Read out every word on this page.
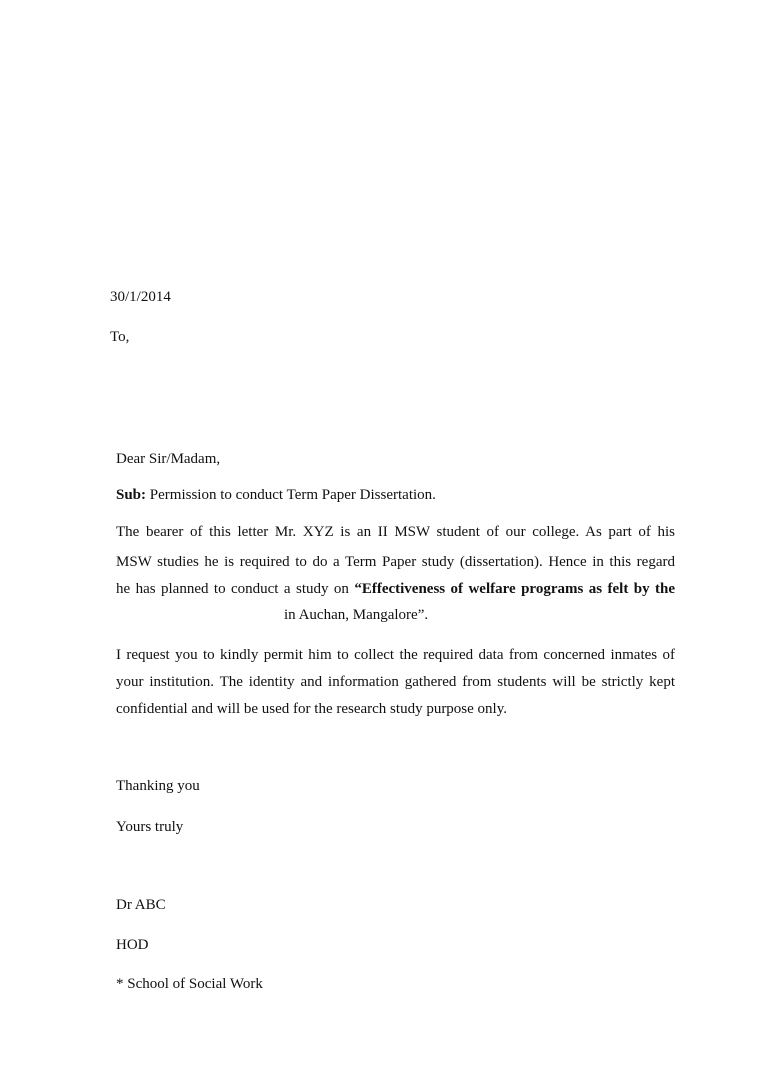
30/1/2014
To,
Dear Sir/Madam,
Sub: Permission to conduct Term Paper Dissertation.
The bearer of this letter Mr. XYZ is an II MSW student of our college. As part of his
MSW studies he is required to do a Term Paper study (dissertation). Hence in this regard
he has planned to conduct a study on “Effectiveness of welfare programs as felt by the
in Auchan, Mangalore”.
I request you to kindly permit him to collect the required data from concerned inmates of
your institution. The identity and information gathered from students will be strictly kept
confidential and will be used for the research study purpose only.
Thanking you
Yours truly
Dr ABC
HOD
* School of Social Work
